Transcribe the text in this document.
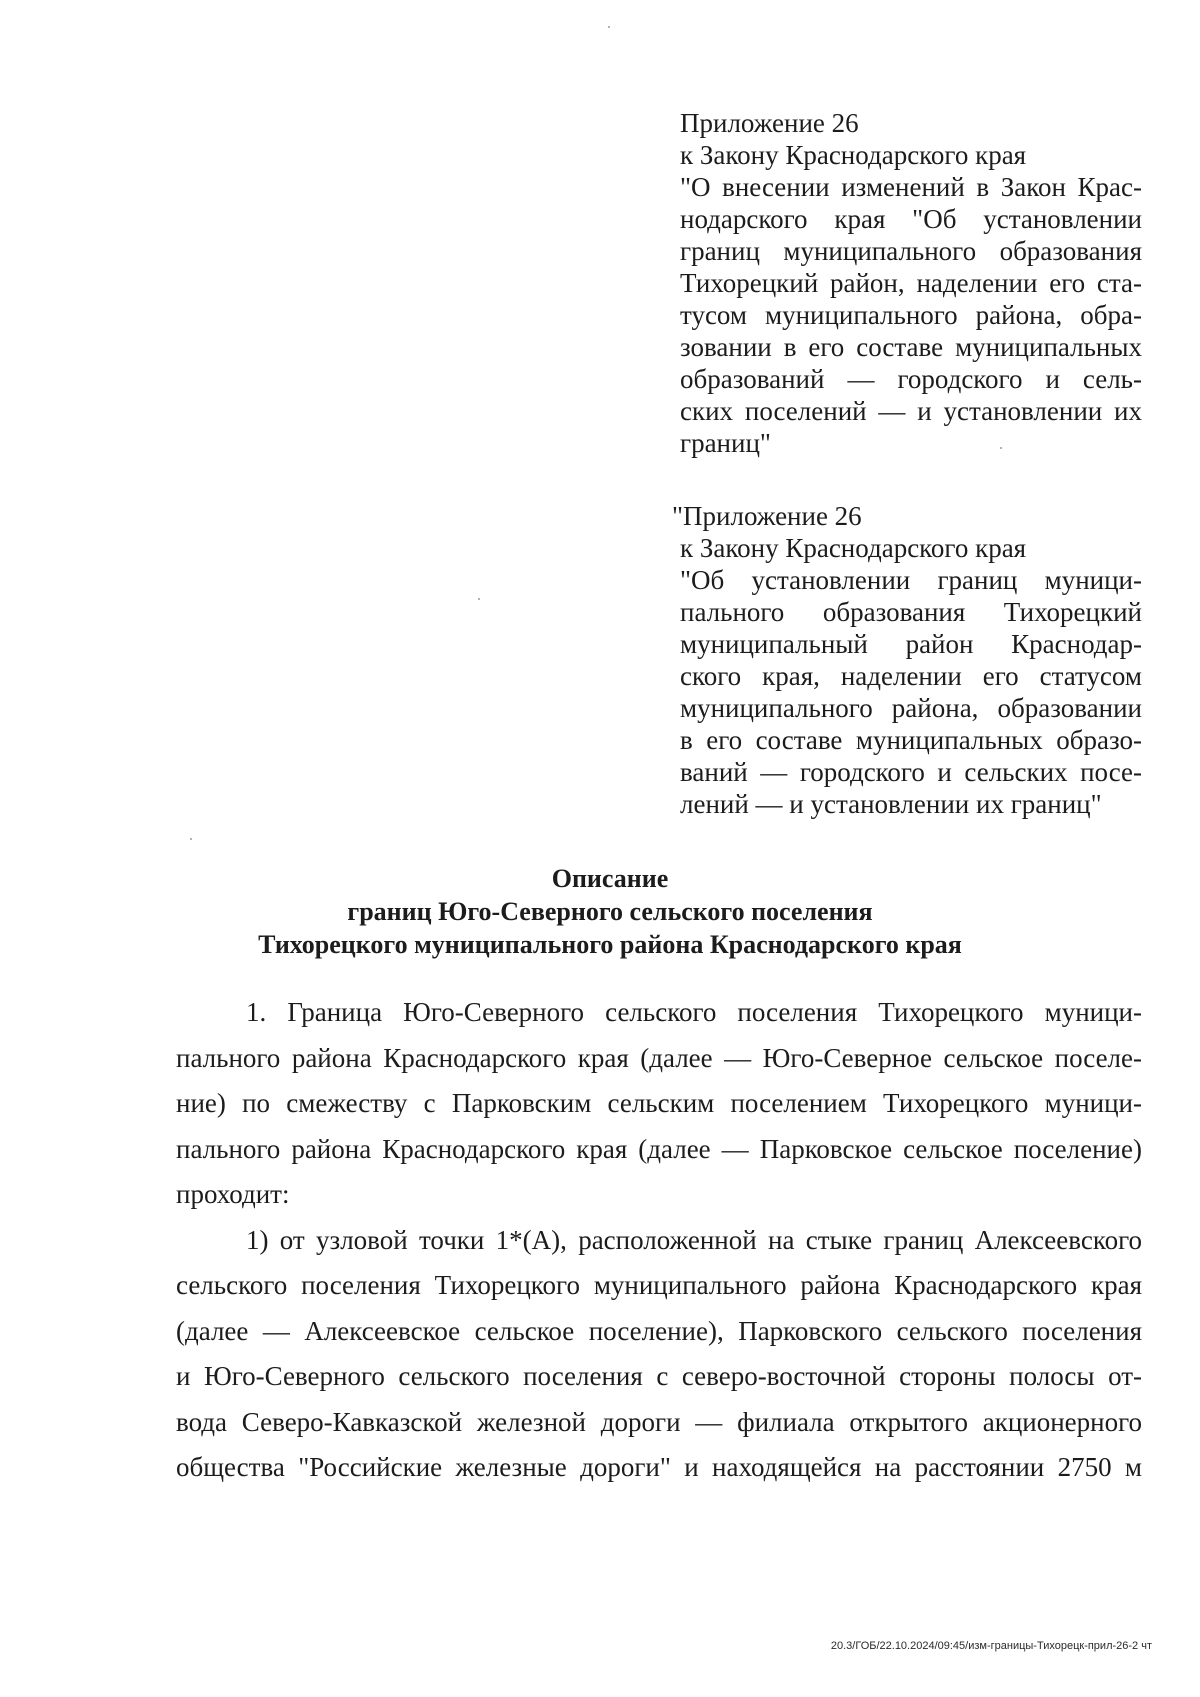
Приложение 26
к Закону Краснодарского края
"О внесении изменений в Закон Крас-
нодарского края "Об установлении
границ муниципального образования
Тихорецкий район, наделении его ста-
тусом муниципального района, обра-
зовании в его составе муниципальных
образований — городского и сель-
ских поселений — и установлении их
границ"
"Приложение 26
к Закону Краснодарского края
"Об установлении границ муници-
пального образования Тихорецкий
муниципальный район Краснодар-
ского края, наделении его статусом
муниципального района, образовании
в его составе муниципальных образо-
ваний — городского и сельских посе-
лений — и установлении их границ"
Описание
границ Юго-Северного сельского поселения
Тихорецкого муниципального района Краснодарского края
1. Граница Юго-Северного сельского поселения Тихорецкого муници-
пального района Краснодарского края (далее — Юго-Северное сельское поселе-
ние) по смежеству с Парковским сельским поселением Тихорецкого муници-
пального района Краснодарского края (далее — Парковское сельское поселение)
проходит:
1) от узловой точки 1*(А), расположенной на стыке границ Алексеевского
сельского поселения Тихорецкого муниципального района Краснодарского края
(далее — Алексеевское сельское поселение), Парковского сельского поселения
и Юго-Северного сельского поселения с северо-восточной стороны полосы от-
вода Северо-Кавказской железной дороги — филиала открытого акционерного
общества "Российские железные дороги" и находящейся на расстоянии 2750 м
20.3/ГОБ/22.10.2024/09:45/изм-границы-Тихорецк-прил-26-2 чт
